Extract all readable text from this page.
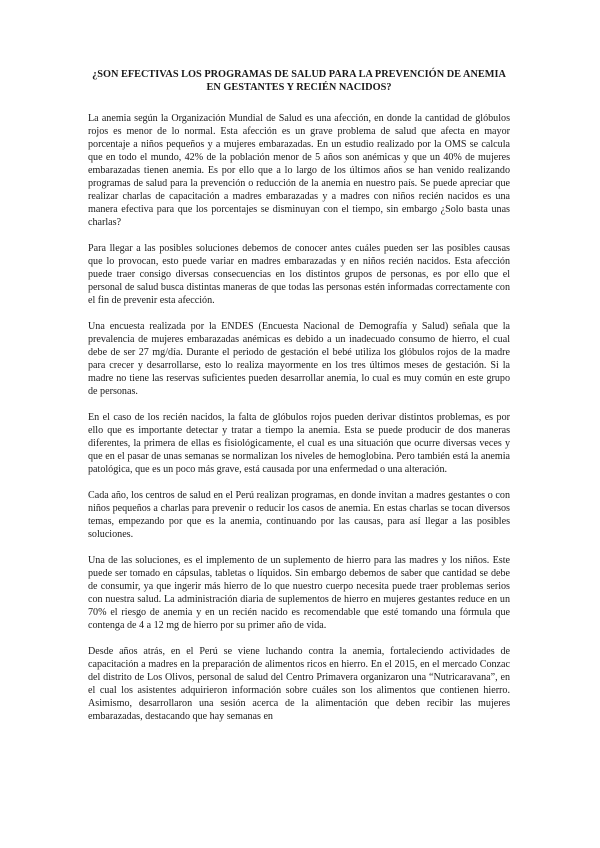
¿SON EFECTIVAS LOS PROGRAMAS DE SALUD PARA LA PREVENCIÓN DE ANEMIA EN GESTANTES Y RECIÉN NACIDOS?
La anemia según la Organización Mundial de Salud es una afección, en donde la cantidad de glóbulos rojos es menor de lo normal. Esta afección es un grave problema de salud que afecta en mayor porcentaje a niños pequeños y a mujeres embarazadas. En un estudio realizado por la OMS se calcula que en todo el mundo, 42% de la población menor de 5 años son anémicas y que un 40% de mujeres embarazadas tienen anemia. Es por ello que a lo largo de los últimos años se han venido realizando programas de salud para la prevención o reducción de la anemia en nuestro país. Se puede apreciar que realizar charlas de capacitación a madres embarazadas y a madres con niños recién nacidos es una manera efectiva para que los porcentajes se disminuyan con el tiempo, sin embargo ¿Solo basta unas charlas?
Para llegar a las posibles soluciones debemos de conocer antes cuáles pueden ser las posibles causas que lo provocan, esto puede variar en madres embarazadas y en niños recién nacidos. Esta afección puede traer consigo diversas consecuencias en los distintos grupos de personas, es por ello que el personal de salud busca distintas maneras de que todas las personas estén informadas correctamente con el fin de prevenir esta afección.
Una encuesta realizada por la ENDES (Encuesta Nacional de Demografía y Salud) señala que la prevalencia de mujeres embarazadas anémicas es debido a un inadecuado consumo de hierro, el cual debe de ser 27 mg/día. Durante el periodo de gestación el bebé utiliza los glóbulos rojos de la madre para crecer y desarrollarse, esto lo realiza mayormente en los tres últimos meses de gestación. Si la madre no tiene las reservas suficientes pueden desarrollar anemia, lo cual es muy común en este grupo de personas.
En el caso de los recién nacidos, la falta de glóbulos rojos pueden derivar distintos problemas, es por ello que es importante detectar y tratar a tiempo la anemia. Esta se puede producir de dos maneras diferentes, la primera de ellas es fisiológicamente, el cual es una situación que ocurre diversas veces y que en el pasar de unas semanas se normalizan los niveles de hemoglobina. Pero también está la anemia patológica, que es un poco más grave, está causada por una enfermedad o una alteración.
Cada año, los centros de salud en el Perú realizan programas, en donde invitan a madres gestantes o con niños pequeños a charlas para prevenir o reducir los casos de anemia. En estas charlas se tocan diversos temas, empezando por que es la anemia, continuando por las causas, para así llegar a las posibles soluciones.
Una de las soluciones, es el implemento de un suplemento de hierro para las madres y los niños. Este puede ser tomado en cápsulas, tabletas o líquidos. Sin embargo debemos de saber que cantidad se debe de consumir, ya que ingerir más hierro de lo que nuestro cuerpo necesita puede traer problemas serios con nuestra salud. La administración diaria de suplementos de hierro en mujeres gestantes reduce en un 70% el riesgo de anemia y en un recién nacido es recomendable que esté tomando una fórmula que contenga de 4 a 12 mg de hierro por su primer año de vida.
Desde años atrás, en el Perú se viene luchando contra la anemia, fortaleciendo actividades de capacitación a madres en la preparación de alimentos ricos en hierro. En el 2015, en el mercado Conzac del distrito de Los Olivos, personal de salud del Centro Primavera organizaron una “Nutricaravana”, en el cual los asistentes adquirieron información sobre cuáles son los alimentos que contienen hierro. Asimismo, desarrollaron una sesión acerca de la alimentación que deben recibir las mujeres embarazadas, destacando que hay semanas en
